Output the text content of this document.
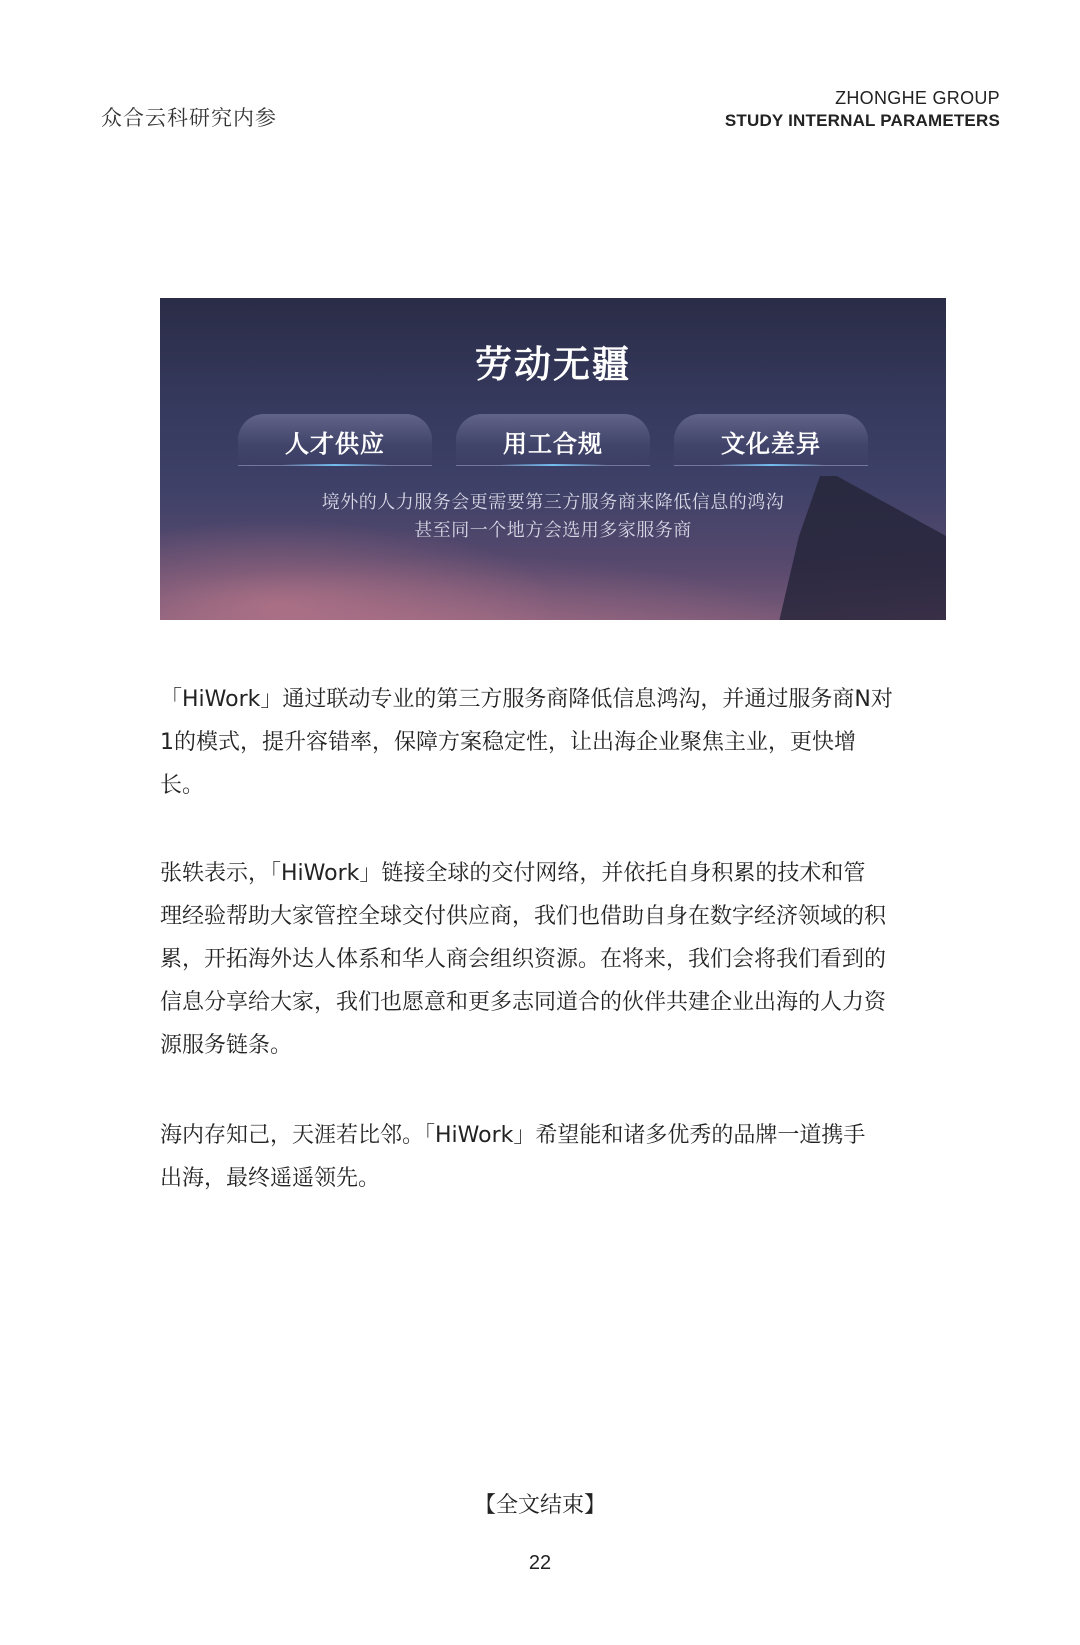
众合云科研究内参
ZHONGHE GROUP
STUDY INTERNAL PARAMETERS
劳动无疆
人才供应	用工合规	文化差异
境外的人力服务会更需要第三方服务商来降低信息的鸿沟
甚至同一个地方会选用多家服务商
「HiWork」通过联动专业的第三方服务商降低信息鸿沟，并通过服务商N对
1的模式，提升容错率，保障方案稳定性，让出海企业聚焦主业，更快增
长。
张轶表示，「HiWork」链接全球的交付网络，并依托自身积累的技术和管
理经验帮助大家管控全球交付供应商，我们也借助自身在数字经济领域的积
累，开拓海外达人体系和华人商会组织资源。在将来，我们会将我们看到的
信息分享给大家，我们也愿意和更多志同道合的伙伴共建企业出海的人力资
源服务链条。
海内存知己，天涯若比邻。「HiWork」希望能和诸多优秀的品牌一道携手
出海，最终遥遥领先。
【全文结束】
22
